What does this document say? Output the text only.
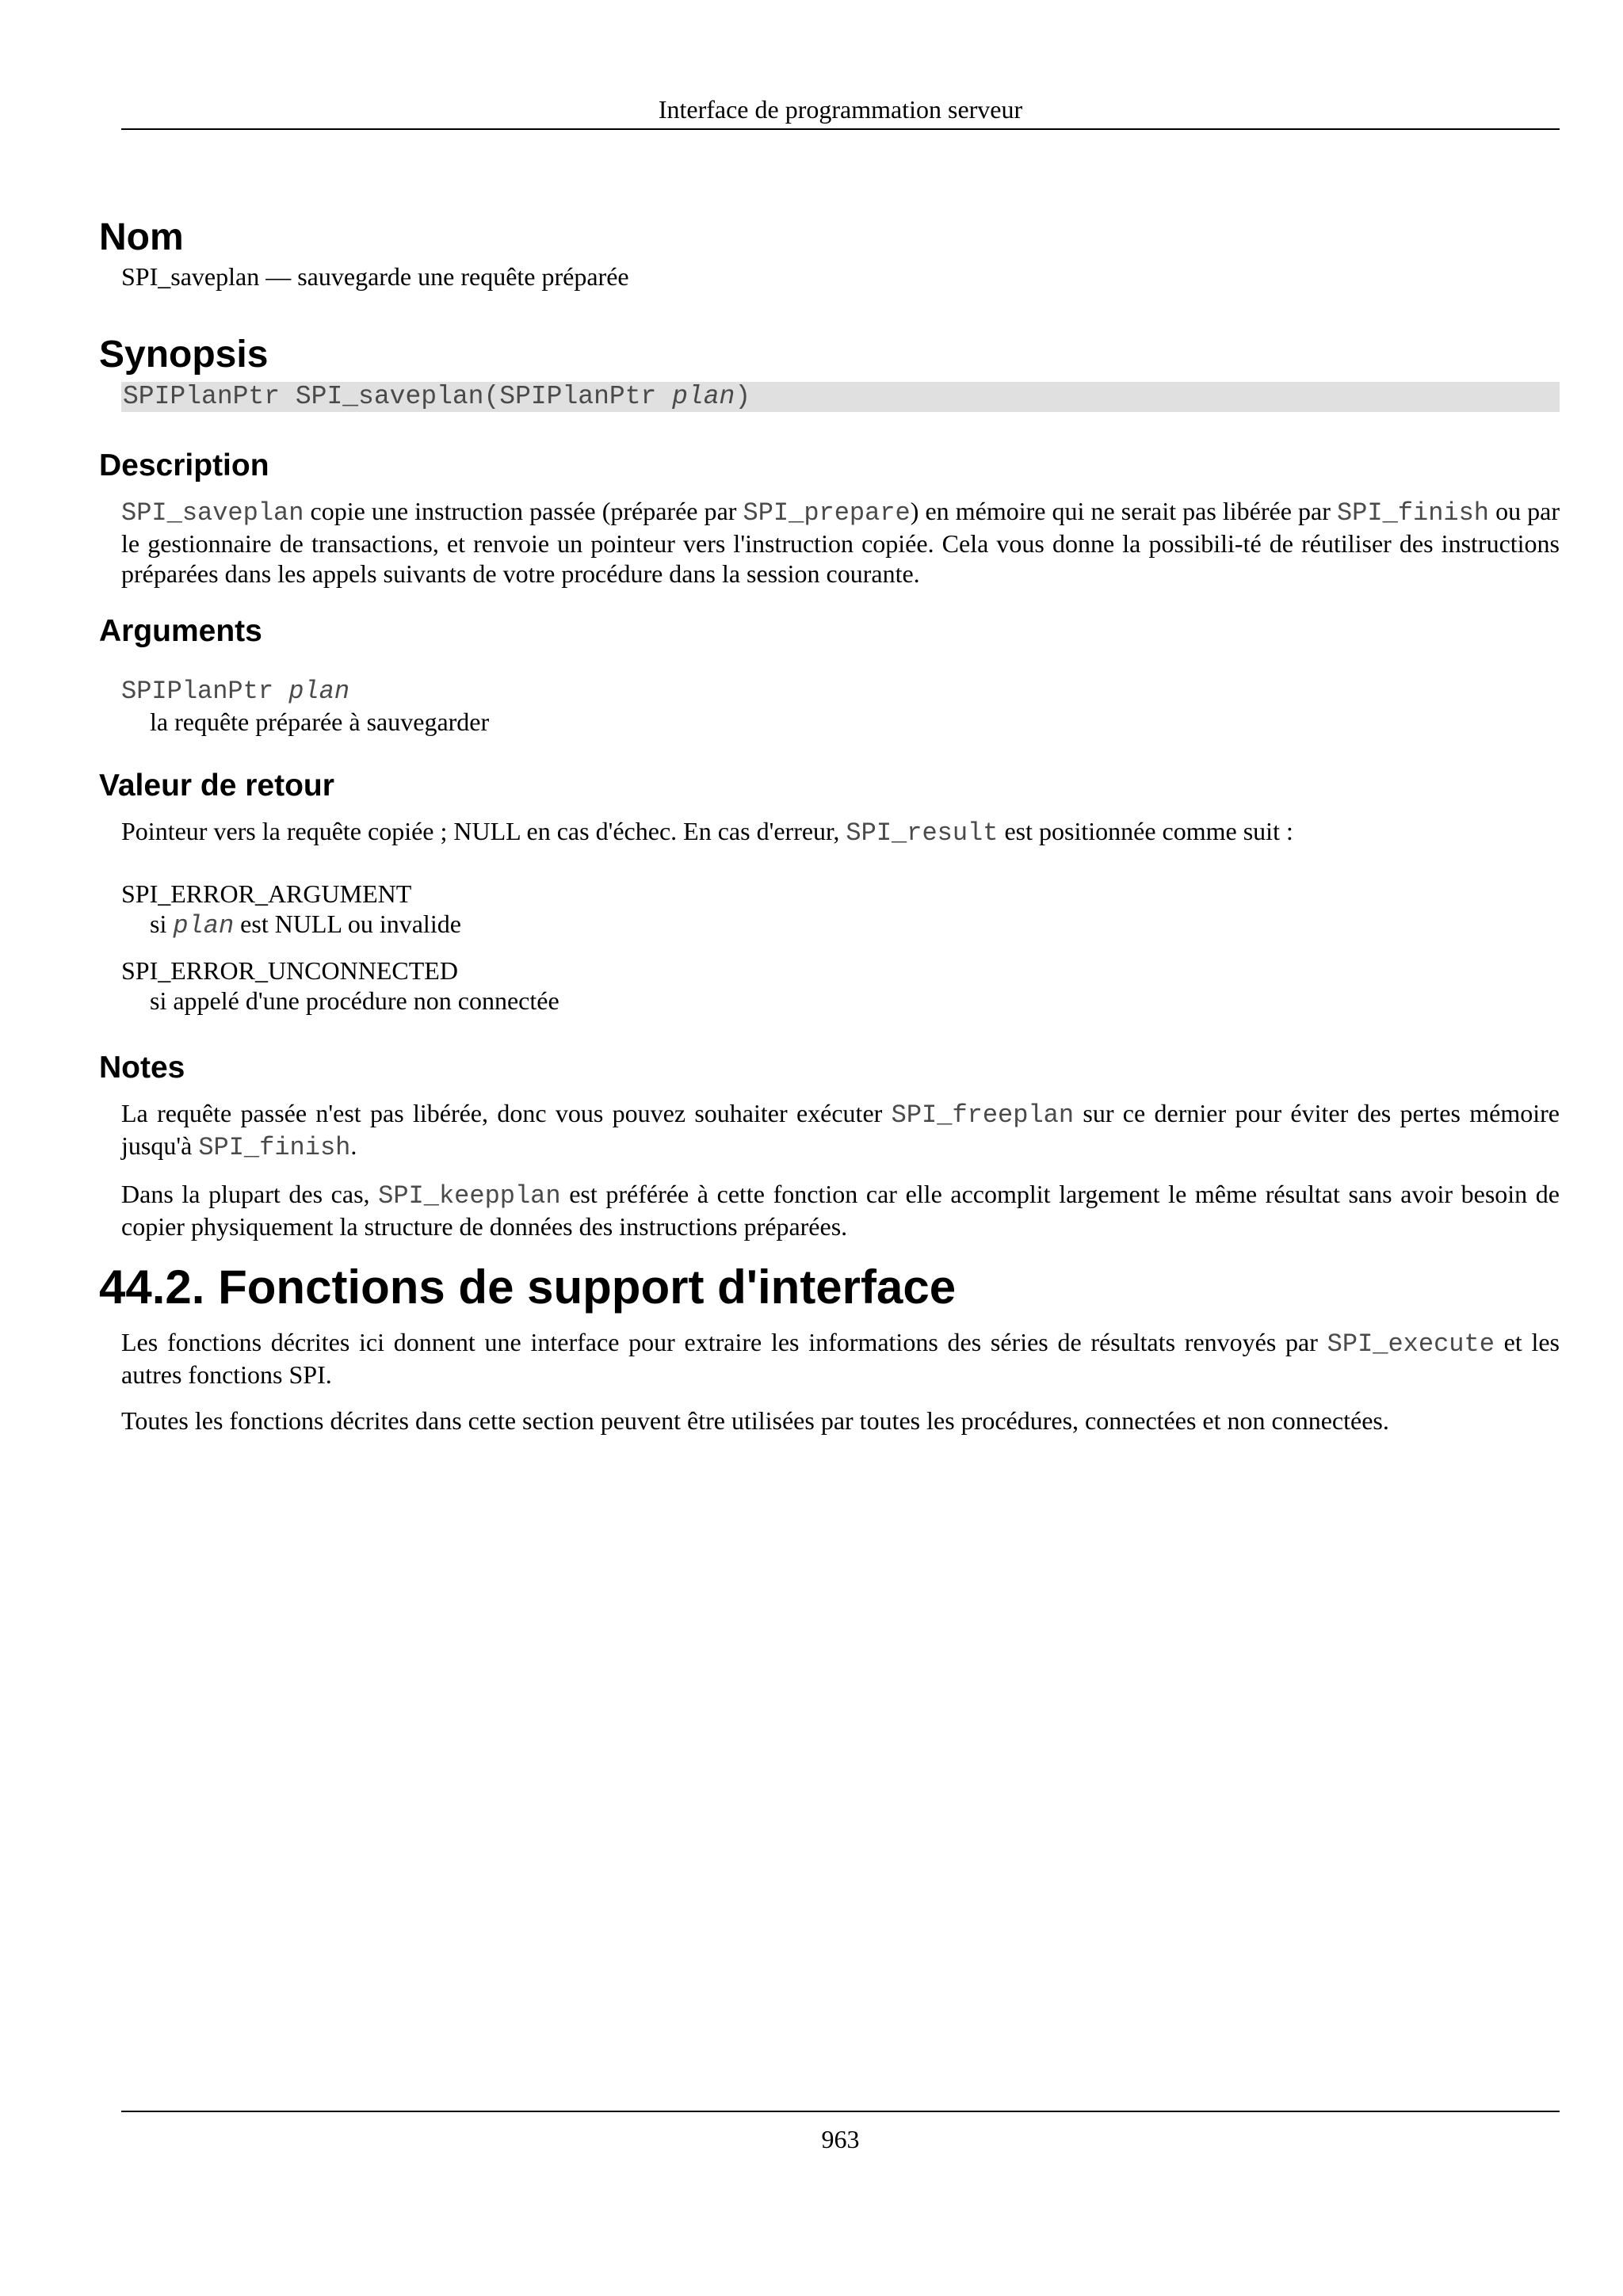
Interface de programmation serveur
Nom

SPI_saveplan — sauvegarde une requête préparée

Synopsis
SPIPlanPtr SPI_saveplan(SPIPlanPtr plan)
Description

SPI_saveplan copie une instruction passée (préparée par SPI_prepare) en mémoire qui ne serait pas libérée par SPI_finish ou par le gestionnaire de transactions, et renvoie un pointeur vers l'instruction copiée. Cela vous donne la possibili-té de réutiliser des instructions préparées dans les appels suivants de votre procédure dans la session courante.

Arguments
SPIPlanPtr plan
la requête préparée à sauvegarder
Valeur de retour

Pointeur vers la requête copiée ; NULL en cas d'échec. En cas d'erreur, SPI_result est positionnée comme suit :

SPI_ERROR_ARGUMENT
si plan est NULL ou invalide
SPI_ERROR_UNCONNECTED
si appelé d'une procédure non connectée
Notes

La requête passée n'est pas libérée, donc vous pouvez souhaiter exécuter SPI_freeplan sur ce dernier pour éviter des pertes mémoire jusqu'à SPI_finish.

Dans la plupart des cas, SPI_keepplan est préférée à cette fonction car elle accomplit largement le même résultat sans avoir besoin de copier physiquement la structure de données des instructions préparées.

44.2. Fonctions de support d'interface

Les fonctions décrites ici donnent une interface pour extraire les informations des séries de résultats renvoyés par SPI_execute et les autres fonctions SPI.

Toutes les fonctions décrites dans cette section peuvent être utilisées par toutes les procédures, connectées et non connectées.

963
